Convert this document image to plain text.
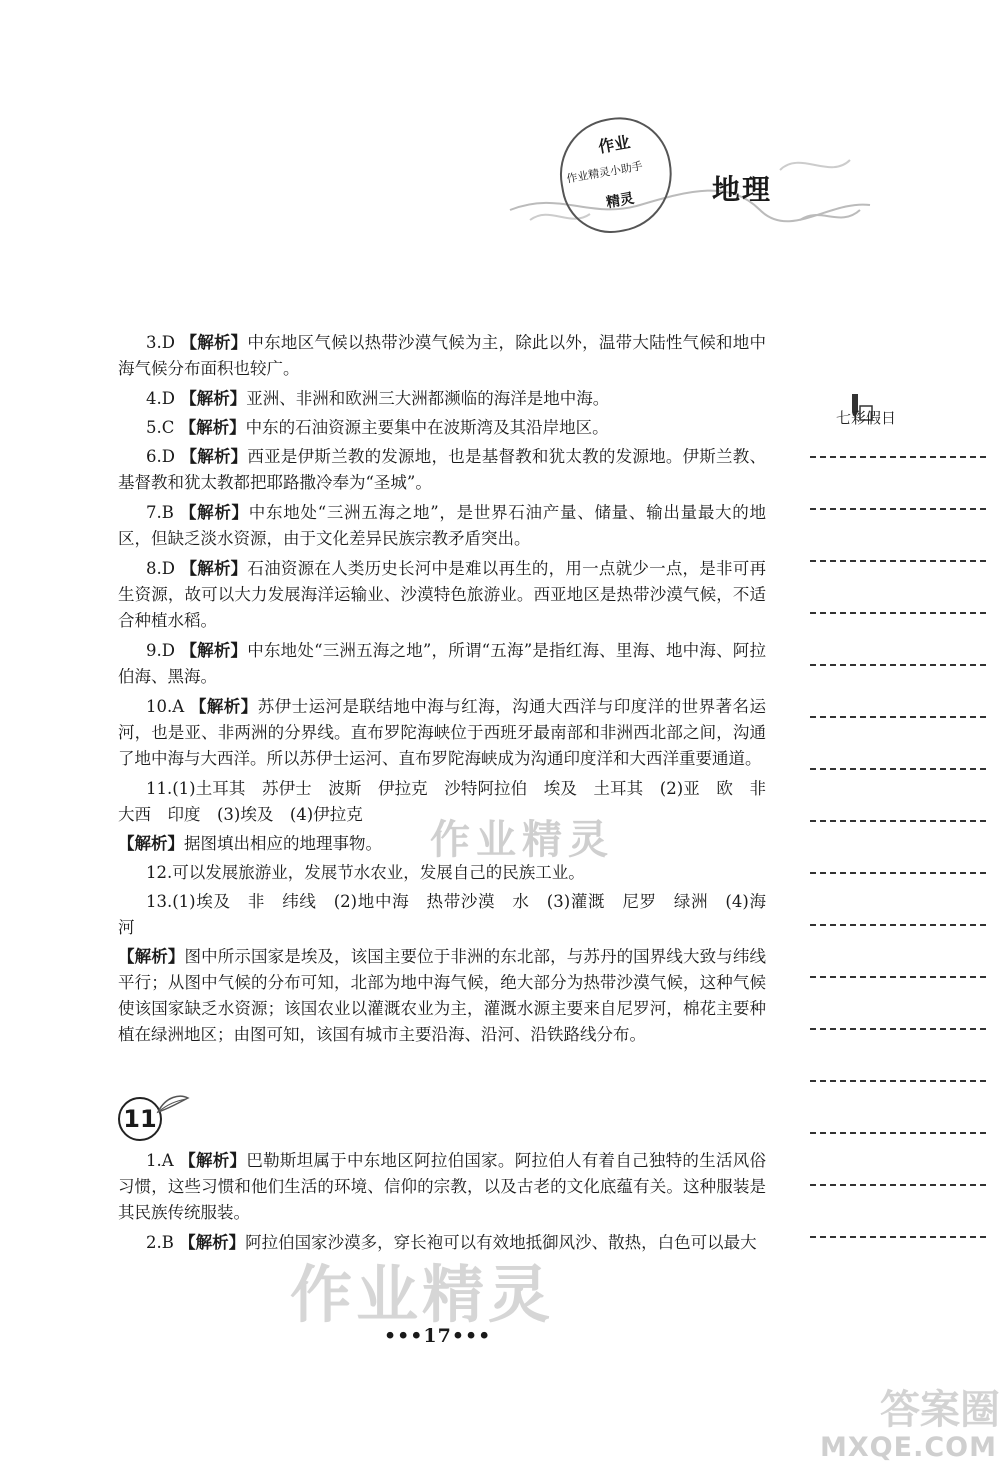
作业
作业精灵小助手
精灵	地理

3.D 【解析】中东地区气候以热带沙漠气候为主，除此以外，温带大陆性气候和地中海气候分布面积也较广。

4.D 【解析】亚洲、非洲和欧洲三大洲都濒临的海洋是地中海。

5.C 【解析】中东的石油资源主要集中在波斯湾及其沿岸地区。

6.D 【解析】西亚是伊斯兰教的发源地，也是基督教和犹太教的发源地。伊斯兰教、基督教和犹太教都把耶路撒冷奉为“圣城”。

7.B 【解析】中东地处“三洲五海之地”，是世界石油产量、储量、输出量最大的地区，但缺乏淡水资源，由于文化差异民族宗教矛盾突出。

8.D 【解析】石油资源在人类历史长河中是难以再生的，用一点就少一点，是非可再生资源，故可以大力发展海洋运输业、沙漠特色旅游业。西亚地区是热带沙漠气候，不适合种植水稻。

9.D 【解析】中东地处“三洲五海之地”，所谓“五海”是指红海、里海、地中海、阿拉伯海、黑海。

10.A 【解析】苏伊士运河是联结地中海与红海，沟通大西洋与印度洋的世界著名运河，也是亚、非两洲的分界线。直布罗陀海峡位于西班牙最南部和非洲西北部之间，沟通了地中海与大西洋。所以苏伊士运河、直布罗陀海峡成为沟通印度洋和大西洋重要通道。

11.(1)土耳其　苏伊士　波斯　伊拉克　沙特阿拉伯　埃及　土耳其　(2)亚　欧　非　大西　印度　(3)埃及　(4)伊拉克

【解析】据图填出相应的地理事物。

12.可以发展旅游业，发展节水农业，发展自己的民族工业。

13.(1)埃及　非　纬线　(2)地中海　热带沙漠　水　(3)灌溉　尼罗　绿洲　(4)海　河

【解析】图中所示国家是埃及，该国主要位于非洲的东北部，与苏丹的国界线大致与纬线平行；从图中气候的分布可知，北部为地中海气候，绝大部分为热带沙漠气候，这种气候使该国家缺乏水资源；该国农业以灌溉农业为主，灌溉水源主要来自尼罗河，棉花主要种植在绿洲地区；由图可知，该国有城市主要沿海、沿河、沿铁路线分布。

11

1.A 【解析】巴勒斯坦属于中东地区阿拉伯国家。阿拉伯人有着自己独特的生活风俗习惯，这些习惯和他们生活的环境、信仰的宗教，以及古老的文化底蕴有关。这种服装是其民族传统服装。

2.B 【解析】阿拉伯国家沙漠多，穿长袍可以有效地抵御风沙、散热，白色可以最大

七彩假日
作业精灵
作业精灵
•••17•••
答案圈
MXQE.COM
